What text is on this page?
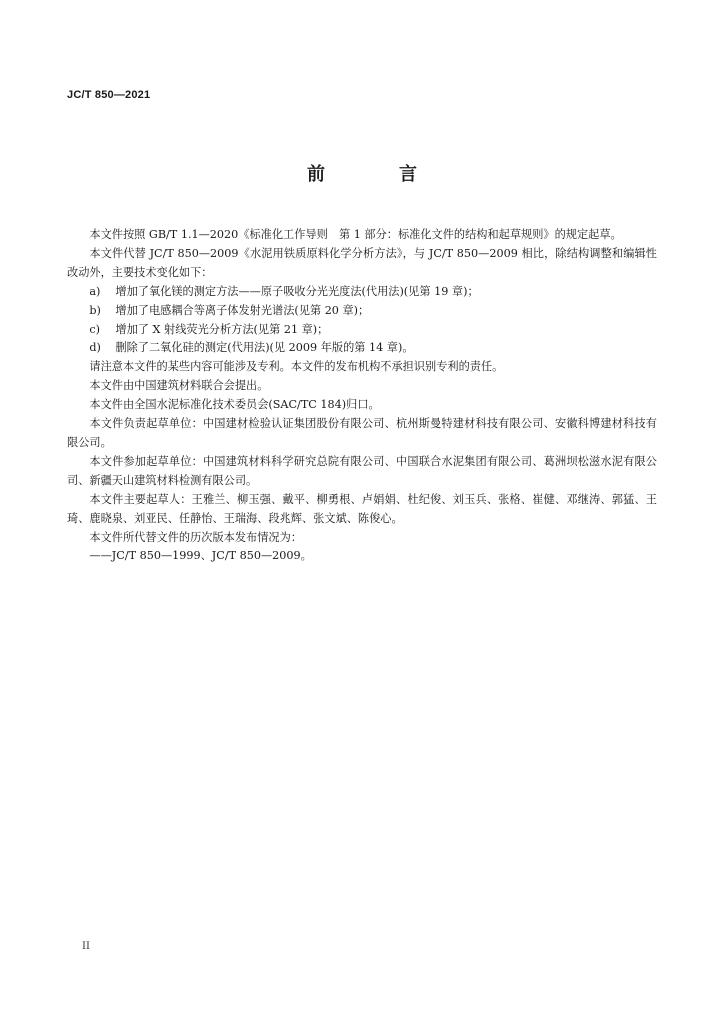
JC/T 850—2021
前　言

本文件按照 GB/T 1.1—2020《标准化工作导则　第 1 部分：标准化文件的结构和起草规则》的规定起草。

本文件代替 JC/T 850—2009《水泥用铁质原料化学分析方法》，与 JC/T 850—2009 相比，除结构调整和编辑性改动外，主要技术变化如下：

a)	增加了氧化镁的测定方法——原子吸收分光光度法(代用法)(见第 19 章)；
b)	增加了电感耦合等离子体发射光谱法(见第 20 章)；
c)	增加了 X 射线荧光分析方法(见第 21 章)；
d)	删除了二氧化硅的测定(代用法)(见 2009 年版的第 14 章)。

请注意本文件的某些内容可能涉及专利。本文件的发布机构不承担识别专利的责任。

本文件由中国建筑材料联合会提出。

本文件由全国水泥标准化技术委员会(SAC/TC 184)归口。

本文件负责起草单位：中国建材检验认证集团股份有限公司、杭州斯曼特建材科技有限公司、安徽科博建材科技有限公司。

本文件参加起草单位：中国建筑材料科学研究总院有限公司、中国联合水泥集团有限公司、葛洲坝松滋水泥有限公司、新疆天山建筑材料检测有限公司。

本文件主要起草人：王雅兰、柳玉强、戴平、柳勇根、卢娟娟、杜纪俊、刘玉兵、张格、崔健、邓继涛、郭猛、王琦、鹿晓泉、刘亚民、任静怡、王瑞海、段兆辉、张文斌、陈俊心。

本文件所代替文件的历次版本发布情况为：

——JC/T 850—1999、JC/T 850—2009。

II
